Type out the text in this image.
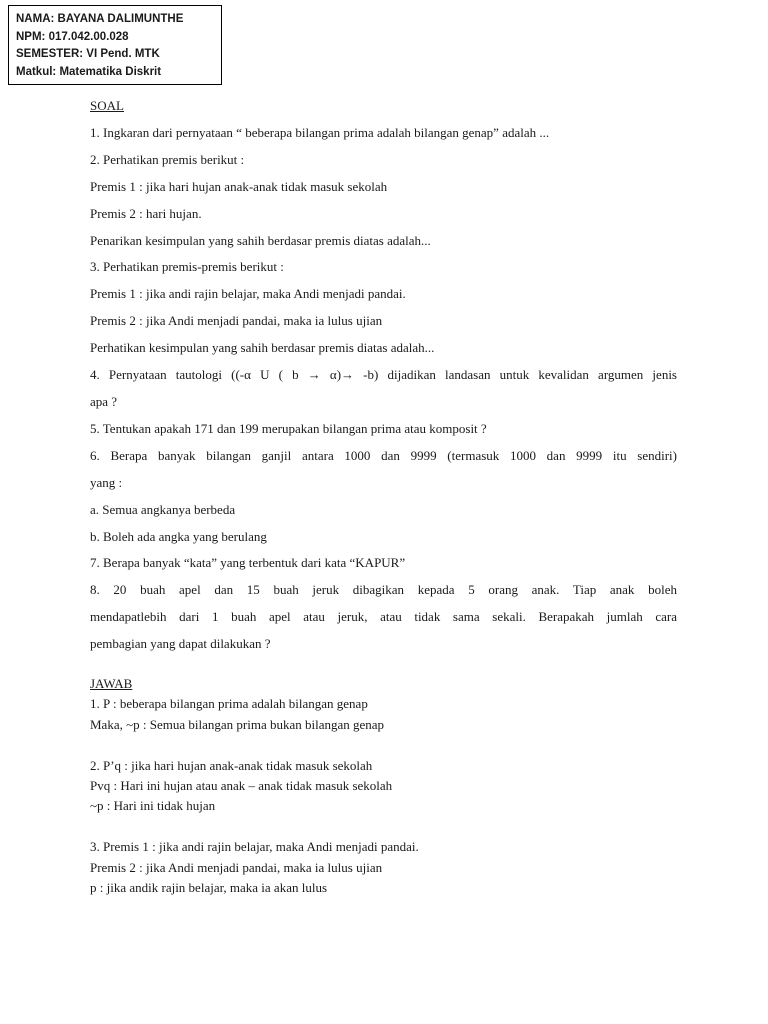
NAMA: BAYANA DALIMUNTHE
NPM: 017.042.00.028
SEMESTER: VI Pend. MTK
Matkul: Matematika Diskrit
SOAL
1. Ingkaran dari pernyataan “ beberapa bilangan prima adalah bilangan genap” adalah ...
2. Perhatikan premis berikut :
Premis 1 : jika hari hujan anak-anak tidak masuk sekolah
Premis 2 : hari hujan.
Penarikan kesimpulan yang sahih berdasar premis diatas adalah...
3. Perhatikan premis-premis berikut :
Premis 1 : jika andi rajin belajar, maka Andi menjadi pandai.
Premis 2 : jika Andi menjadi pandai, maka ia lulus ujian
Perhatikan kesimpulan yang sahih berdasar premis diatas adalah...
4. Pernyataan tautologi ((-α U ( b → α)→ -b) dijadikan landasan untuk kevalidan argumen jenis
apa ?
5. Tentukan apakah 171 dan 199 merupakan bilangan prima atau komposit ?
6. Berapa banyak bilangan ganjil antara 1000 dan 9999 (termasuk 1000 dan 9999 itu sendiri)
yang :
a. Semua angkanya berbeda
b. Boleh ada angka yang berulang
7. Berapa banyak “kata” yang terbentuk dari kata “KAPUR”
8. 20 buah apel dan 15 buah jeruk dibagikan kepada 5 orang anak. Tiap anak boleh
mendapatlebih dari 1 buah apel atau jeruk, atau tidak sama sekali. Berapakah jumlah cara
pembagian yang dapat dilakukan ?
JAWAB
1. P : beberapa bilangan prima adalah bilangan genap
Maka, ~p : Semua bilangan prima bukan bilangan genap
2. P’q : jika hari hujan anak-anak tidak masuk sekolah
Pvq : Hari ini hujan atau anak – anak tidak masuk sekolah
~p : Hari ini tidak hujan
3. Premis 1 : jika andi rajin belajar, maka Andi menjadi pandai.
Premis 2 : jika Andi menjadi pandai, maka ia lulus ujian
p : jika andik rajin belajar, maka ia akan lulus
